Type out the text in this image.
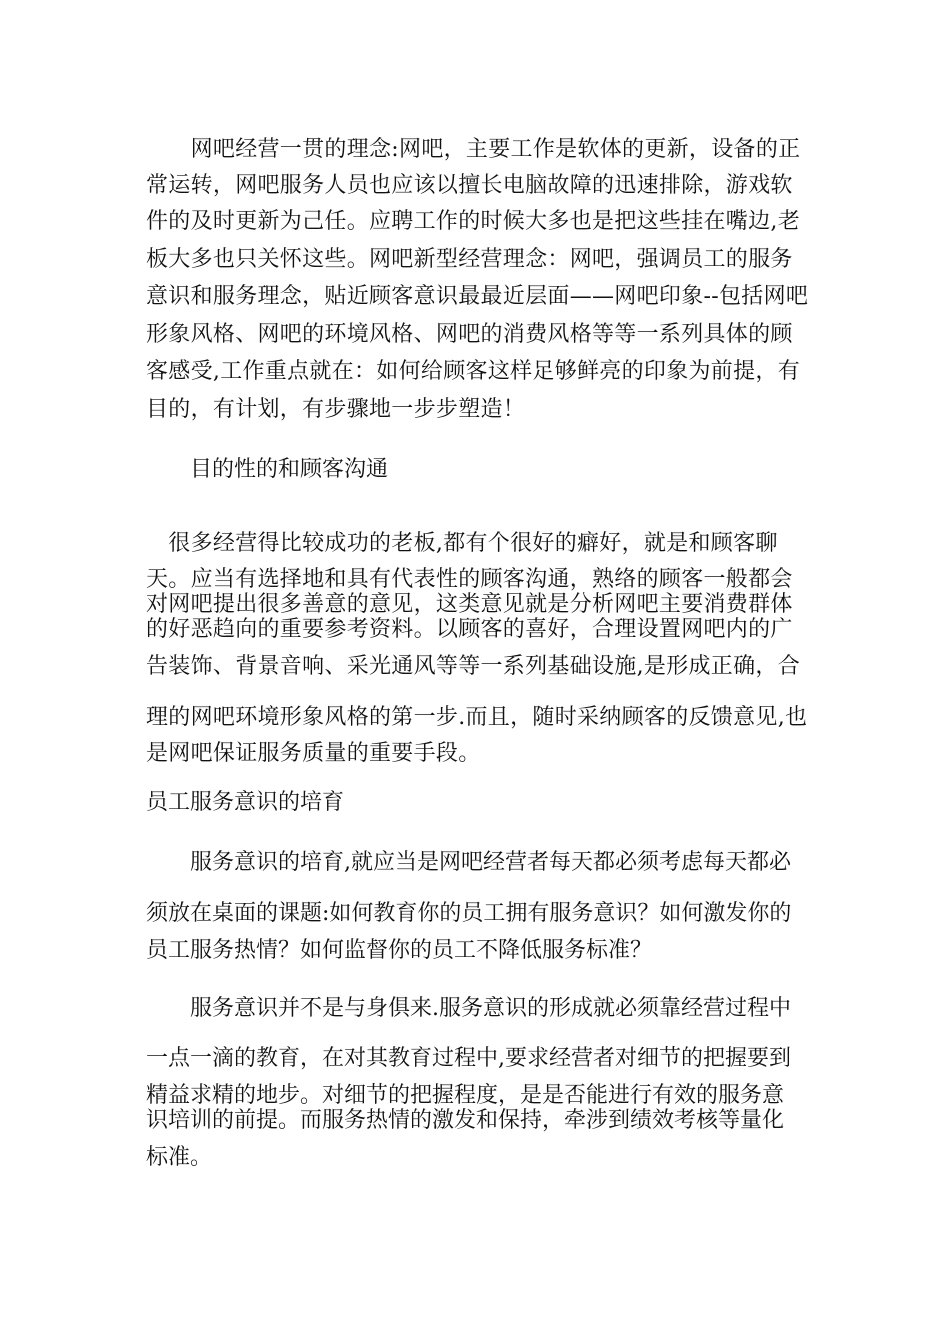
　　网吧经营一贯的理念:网吧，主要工作是软体的更新，设备的正
常运转，网吧服务人员也应该以擅长电脑故障的迅速排除，游戏软
件的及时更新为己任。应聘工作的时候大多也是把这些挂在嘴边,老
板大多也只关怀这些。网吧新型经营理念：网吧，强调员工的服务
意识和服务理念，贴近顾客意识最最近层面——网吧印象--包括网吧
形象风格、网吧的环境风格、网吧的消费风格等等一系列具体的顾
客感受,工作重点就在：如何给顾客这样足够鲜亮的印象为前提，有
目的，有计划，有步骤地一步步塑造！
　　目的性的和顾客沟通
　很多经营得比较成功的老板,都有个很好的癖好，就是和顾客聊
天。应当有选择地和具有代表性的顾客沟通，熟络的顾客一般都会
对网吧提出很多善意的意见，这类意见就是分析网吧主要消费群体
的好恶趋向的重要参考资料。以顾客的喜好，合理设置网吧内的广
告装饰、背景音响、采光通风等等一系列基础设施,是形成正确，合
理的网吧环境形象风格的第一步.而且，随时采纳顾客的反馈意见,也
是网吧保证服务质量的重要手段。
员工服务意识的培育
　　服务意识的培育,就应当是网吧经营者每天都必须考虑每天都必
须放在桌面的课题:如何教育你的员工拥有服务意识？如何激发你的
员工服务热情？如何监督你的员工不降低服务标准？
　　服务意识并不是与身俱来.服务意识的形成就必须靠经营过程中
一点一滴的教育，在对其教育过程中,要求经营者对细节的把握要到
精益求精的地步。对细节的把握程度，是是否能进行有效的服务意
识培训的前提。而服务热情的激发和保持，牵涉到绩效考核等量化
标准。
